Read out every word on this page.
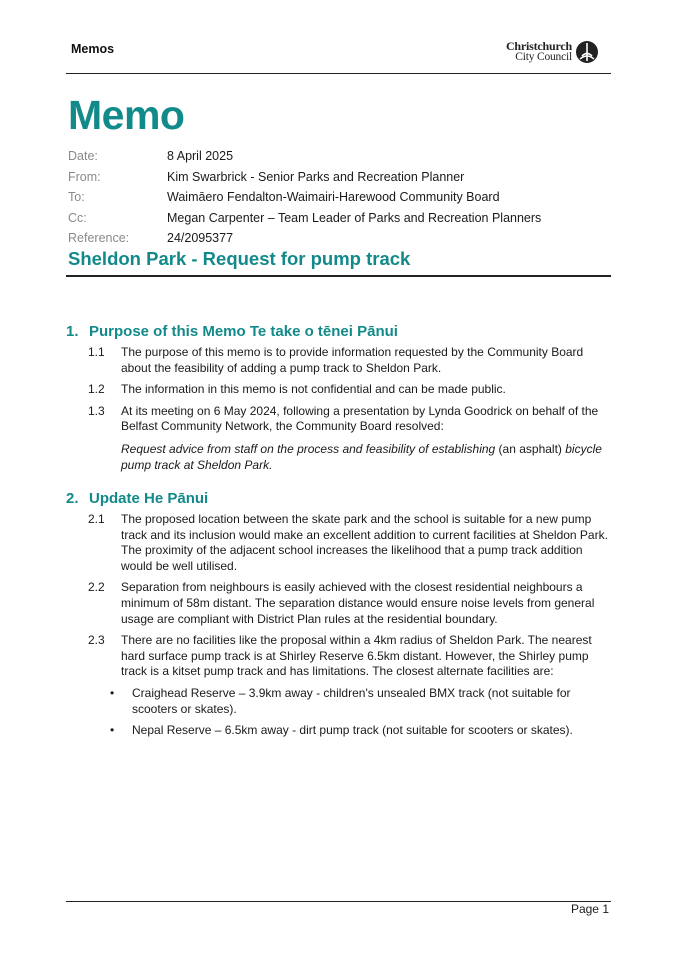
Memos	Christchurch
City Council
Memo
Date:	8 April 2025
From:	Kim Swarbrick - Senior Parks and Recreation Planner
To:	Waimāero Fendalton-Waimairi-Harewood Community Board
Cc:	Megan Carpenter – Team Leader of Parks and Recreation Planners
Reference:	24/2095377
Sheldon Park - Request for pump track
1. Purpose of this Memo Te take o tēnei Pānui
1.1	The purpose of this memo is to provide information requested by the Community Board about the feasibility of adding a pump track to Sheldon Park.
1.2	The information in this memo is not confidential and can be made public.
1.3	At its meeting on 6 May 2024, following a presentation by Lynda Goodrick on behalf of the Belfast Community Network, the Community Board resolved:
Request advice from staff on the process and feasibility of establishing (an asphalt) bicycle pump track at Sheldon Park.
2. Update He Pānui
2.1	The proposed location between the skate park and the school is suitable for a new pump track and its inclusion would make an excellent addition to current facilities at Sheldon Park. The proximity of the adjacent school increases the likelihood that a pump track addition would be well utilised.
2.2	Separation from neighbours is easily achieved with the closest residential neighbours a minimum of 58m distant. The separation distance would ensure noise levels from general usage are compliant with District Plan rules at the residential boundary.
2.3	There are no facilities like the proposal within a 4km radius of Sheldon Park. The nearest hard surface pump track is at Shirley Reserve 6.5km distant. However, the Shirley pump track is a kitset pump track and has limitations. The closest alternate facilities are:
•	Craighead Reserve – 3.9km away - children's unsealed BMX track (not suitable for scooters or skates).
•	Nepal Reserve – 6.5km away - dirt pump track (not suitable for scooters or skates).
Page 1
